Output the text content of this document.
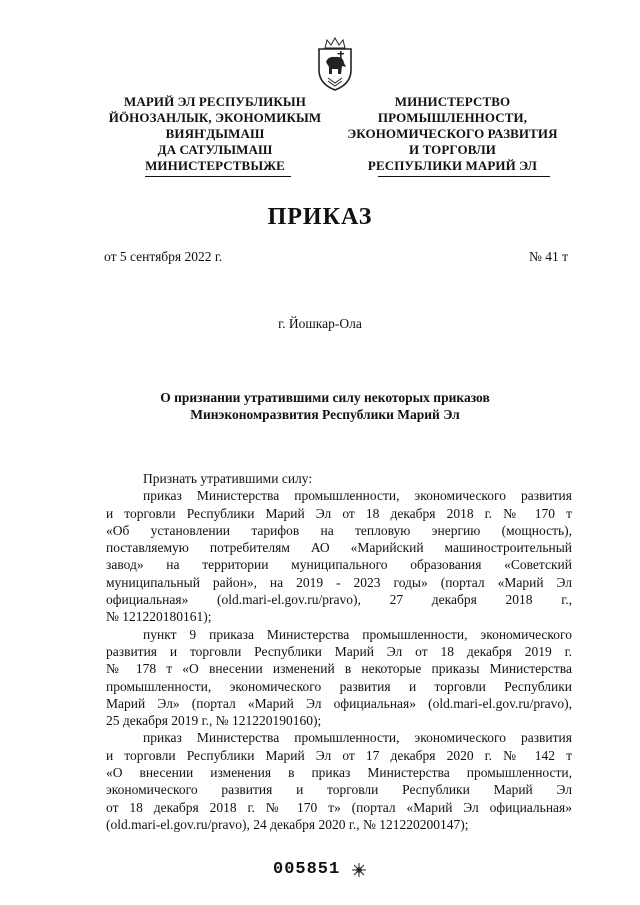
МАРИЙ ЭЛ РЕСПУБЛИКЫН
ЙÖНОЗАНЛЫК, ЭКОНОМИКЫМ
ВИЯҤДЫМАШ
ДА САТУЛЫМАШ
МИНИСТЕРСТВЫЖЕ
МИНИСТЕРСТВО
ПРОМЫШЛЕННОСТИ,
ЭКОНОМИЧЕСКОГО РАЗВИТИЯ
И ТОРГОВЛИ
РЕСПУБЛИКИ МАРИЙ ЭЛ
ПРИКАЗ
от 5 сентября 2022 г.	№ 41 т
г. Йошкар-Ола
О признании утратившими силу некоторых приказов
Минэкономразвития Республики Марий Эл

Признать утратившими силу:

приказ Министерства промышленности, экономического развития

и торговли Республики Марий Эл от 18 декабря 2018 г. № 170 т

«Об установлении тарифов на тепловую энергию (мощность),

поставляемую потребителям АО «Марийский машиностроительный

завод» на территории муниципального образования «Советский

муниципальный район», на 2019 - 2023 годы» (портал «Марий Эл

официальная» (old.mari-el.gov.ru/pravo), 27 декабря 2018 г.,

№ 121220180161);

пункт 9 приказа Министерства промышленности, экономического

развития и торговли Республики Марий Эл от 18 декабря 2019 г.

№ 178 т «О внесении изменений в некоторые приказы Министерства

промышленности, экономического развития и торговли Республики

Марий Эл» (портал «Марий Эл официальная» (old.mari-el.gov.ru/pravo),

25 декабря 2019 г., № 121220190160);

приказ Министерства промышленности, экономического развития

и торговли Республики Марий Эл от 17 декабря 2020 г. № 142 т

«О внесении изменения в приказ Министерства промышленности,

экономического развития и торговли Республики Марий Эл

от 18 декабря 2018 г. № 170 т» (портал «Марий Эл официальная»

(old.mari-el.gov.ru/pravo), 24 декабря 2020 г., № 121220200147);

005851
